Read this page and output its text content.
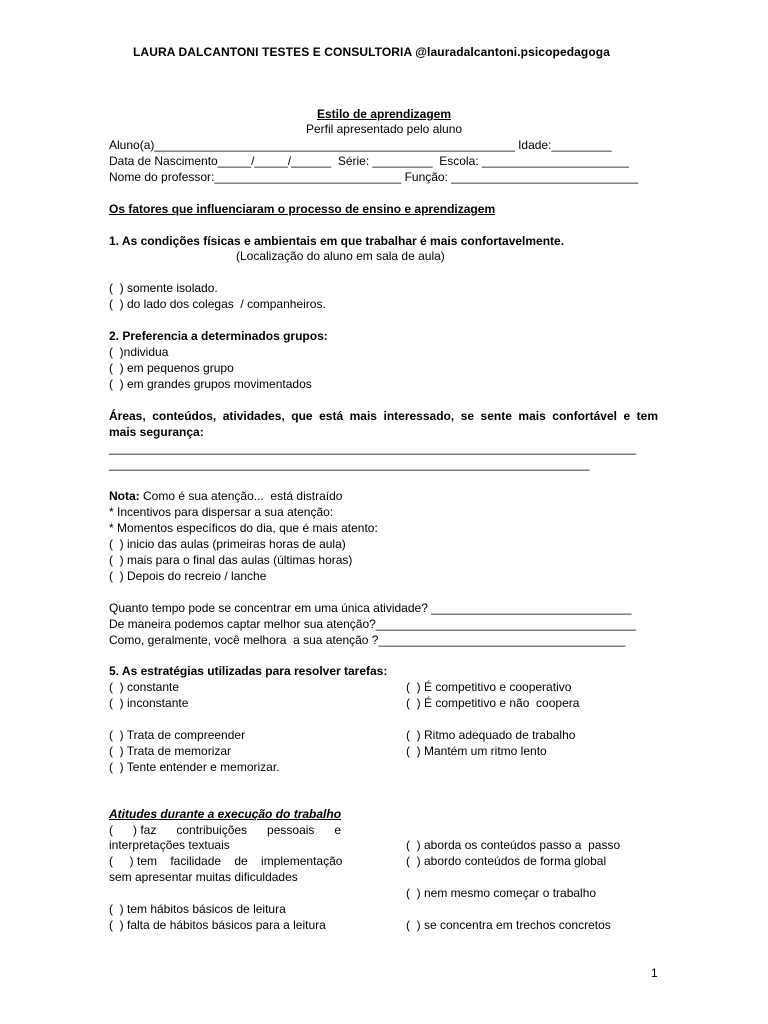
LAURA DALCANTONI TESTES E CONSULTORIA @lauradalcantoni.psicopedagoga
Estilo de aprendizagem
Perfil apresentado pelo aluno
Aluno(a)______________________________________________________ Idade:_________
Data de Nascimento_____/_____/______  Série: _________  Escola: ______________________
Nome do professor:____________________________ Função: ____________________________
Os fatores que influenciaram o processo de ensino e aprendizagem
1. As condições físicas e ambientais em que trabalhar é mais confortavelmente.
(Localização do aluno em sala de aula)
(  ) somente isolado.
(  ) do lado dos colegas  / companheiros.
2. Preferencia a determinados grupos:
(  )ndividua
(  ) em pequenos grupo
(  ) em grandes grupos movimentados
Áreas, conteúdos, atividades, que está mais interessado, se sente mais confortável e tem
mais segurança:
_______________________________________________________________________________
________________________________________________________________________
Nota: Como é sua atenção...  está distraído
* Incentivos para dispersar a sua atenção:
* Momentos específicos do dia, que é mais atento:
(  ) inicio das aulas (primeiras horas de aula)
(  ) mais para o final das aulas (últimas horas)
(  ) Depois do recreio / lanche
Quanto tempo pode se concentrar em uma única atividade? ______________________________
De maneira podemos captar melhor sua atenção?_______________________________________
Como, geralmente, você melhora  a sua atenção ?_____________________________________
5. As estratégias utilizadas para resolver tarefas:
(  ) constante
(  ) inconstante
(  ) Trata de compreender
(  ) Trata de memorizar
(  ) Tente entender e memorizar.
(  ) É competitivo e cooperativo
(  ) É competitivo e não  coopera
(  ) Ritmo adequado de trabalho
(  ) Mantém um ritmo lento
Atitudes durante a execução do trabalho
(      ) faz      contribuições      pessoais      e
interpretações textuais
(     ) tem    facilidade    de    implementação
sem apresentar muitas dificuldades
(  ) tem hábitos básicos de leitura
(  ) falta de hábitos básicos para a leitura
(  ) aborda os conteúdos passo a  passo
(  ) abordo conteúdos de forma global
(  ) nem mesmo começar o trabalho
(  ) se concentra em trechos concretos
1
